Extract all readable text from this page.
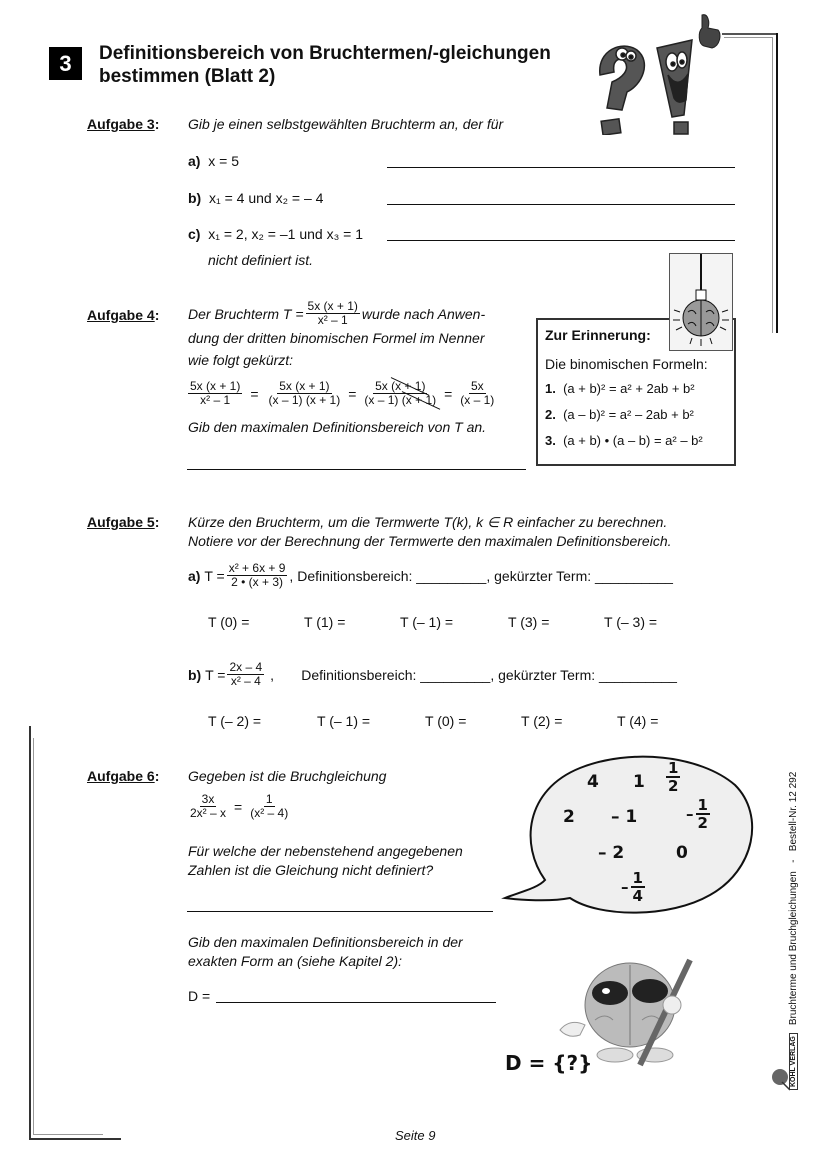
3 Definitionsbereich von Bruchtermen/-gleichungen
bestimmen (Blatt 2)
Aufgabe 3: Gib je einen selbstgewählten Bruchterm an, der für
a) x = 5
b) x₁ = 4 und x₂ = – 4
c) x₁ = 2, x₂ = –1 und x₃ = 1
nicht definiert ist.
Aufgabe 4: Der Bruchterm $T = \frac{5x (x + 1)}{\text{x² – 1}}$ wurde nach Anwen-
dung der dritten binomischen Formel im Nenner
wie folgt gekürzt:
$\frac{5x (x + 1)}{\text{x² – 1}} = \frac{5x (x + 1)}{(x - 1) (x + 1)} = \frac{5x (x + 1)}{(x - 1) (x + 1)} = \frac{5x}{(x - 1)}$
Gib den maximalen Definitionsbereich von T an.
Zur Erinnerung:
Die binomischen Formeln:
1. (a + b)² = a² + 2ab + b²
2. (a – b)² = a² – 2ab + b²
3. (a + b) • (a – b) = a² – b²
Aufgabe 5: Kürze den Bruchterm, um die Termwerte T(k), k ∈ R einfacher zu berechnen.
Notiere vor der Berechnung der Termwerte den maximalen Definitionsbereich.
a)
$T = \frac{\text{x² + 6x + 9}}{2 • (x + 3)}$ , Definitionsbereich:
_________ , gekürzter Term:
__________
T (0) =	T (1) =	T (– 1) =	T (3) =	T (– 3) =
b)
$T = \frac{2x - 4}{\text{x² – 4}}$ , Definitionsbereich:
_________ , gekürzter Term:
__________
T (– 2) =	T (– 1) =	T (0) =	T (2) =	T (4) =
Aufgabe 6: Gegeben ist die Bruchgleichung
$\frac{3x}{\text{2x² – x}} = \frac{1}{\text{(x² – 4)}}$
Für welche der nebenstehend angegebenen
Zahlen ist die Gleichung nicht definiert?
Gib den maximalen Definitionsbereich in der
exakten Form an (siehe Kapitel 2):
D =
4 1
2 – 1
– 2	0
$\frac{1}{2}$
– $\frac{1}{2}$
– $\frac{1}{4}$
D = {?}	KOHL VERLAG
Bruchterme und Bruchgleichungen   -   Bestell-Nr. 12 292
Seite 9
